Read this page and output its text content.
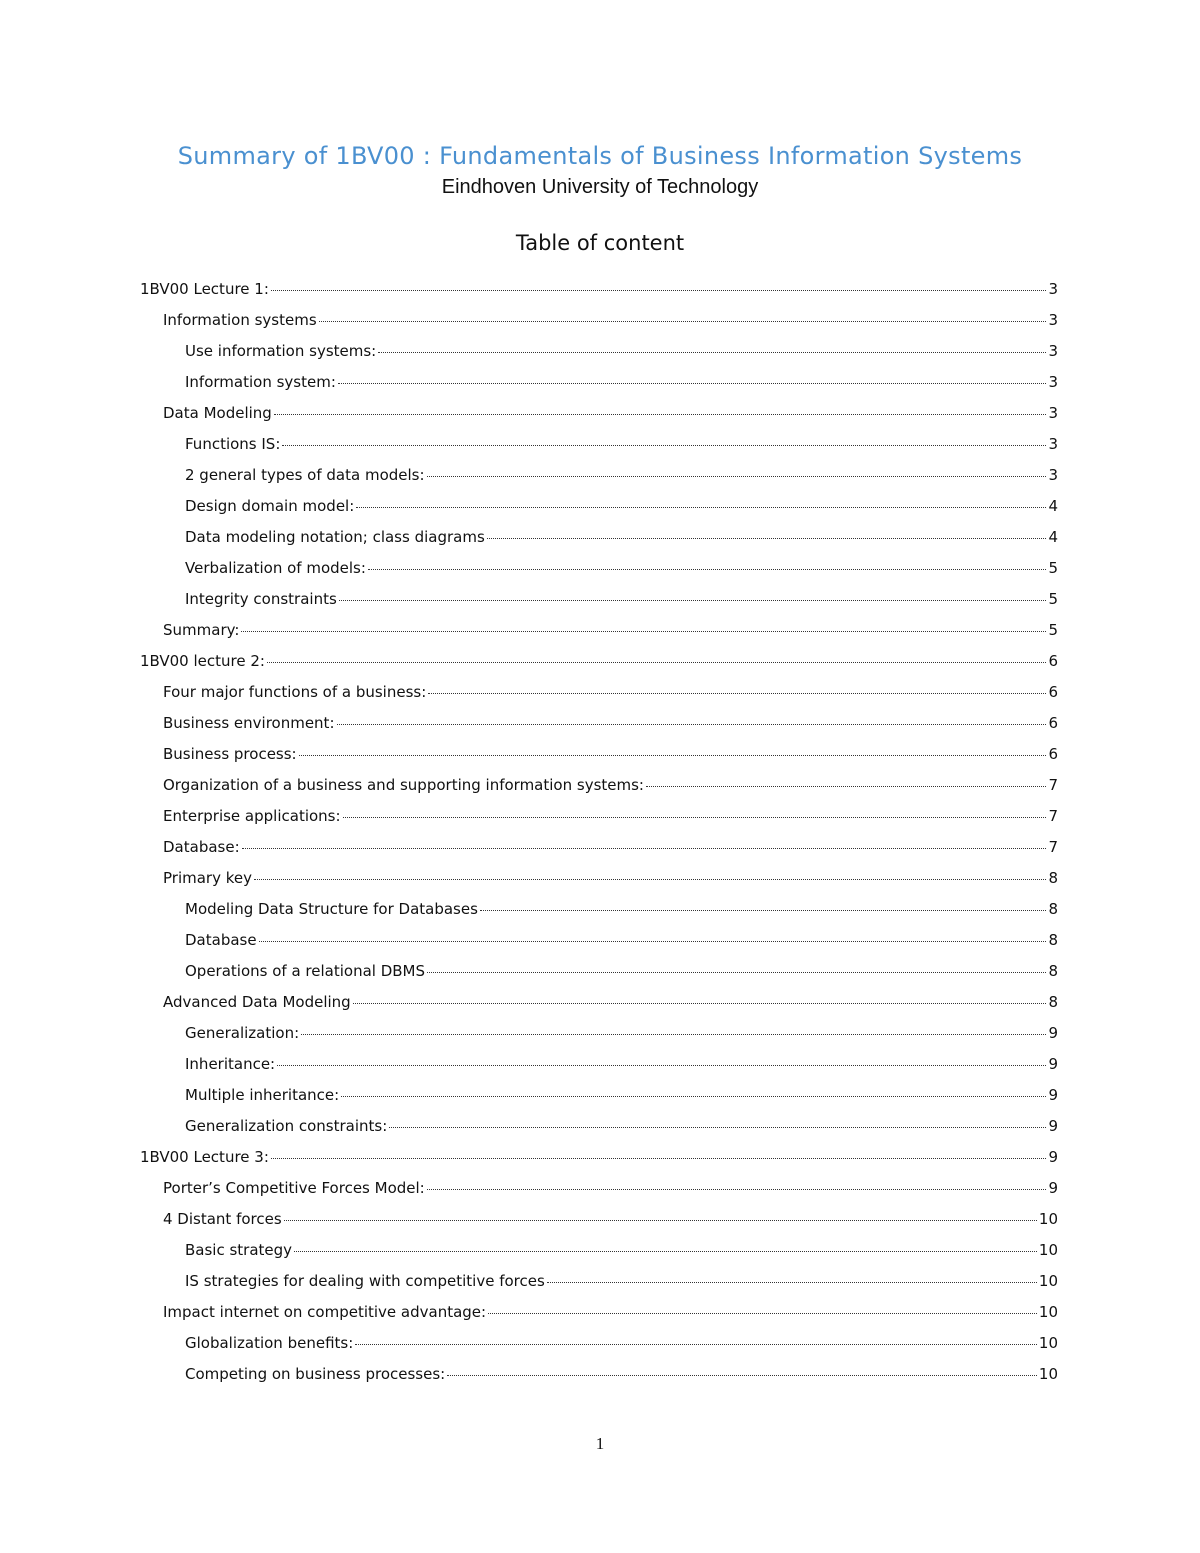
Summary of 1BV00 : Fundamentals of Business Information Systems
Eindhoven University of Technology
Table of content
1BV00 Lecture 1:	3
Information systems	3
Use information systems:	3
Information system:	3
Data Modeling	3
Functions IS:	3
2 general types of data models:	3
Design domain model:	4
Data modeling notation; class diagrams	4
Verbalization of models:	5
Integrity constraints	5
Summary:	5
1BV00 lecture 2:	6
Four major functions of a business:	6
Business environment:	6
Business process:	6
Organization of a business and supporting information systems:	7
Enterprise applications:	7
Database:	7
Primary key	8
Modeling Data Structure for Databases	8
Database	8
Operations of a relational DBMS	8
Advanced Data Modeling	8
Generalization:	9
Inheritance:	9
Multiple inheritance:	9
Generalization constraints:	9
1BV00 Lecture 3:	9
Porter’s Competitive Forces Model:	9
4 Distant forces	10
Basic strategy	10
IS strategies for dealing with competitive forces	10
Impact internet on competitive advantage:	10
Globalization benefits:	10
Competing on business processes:	10
1
